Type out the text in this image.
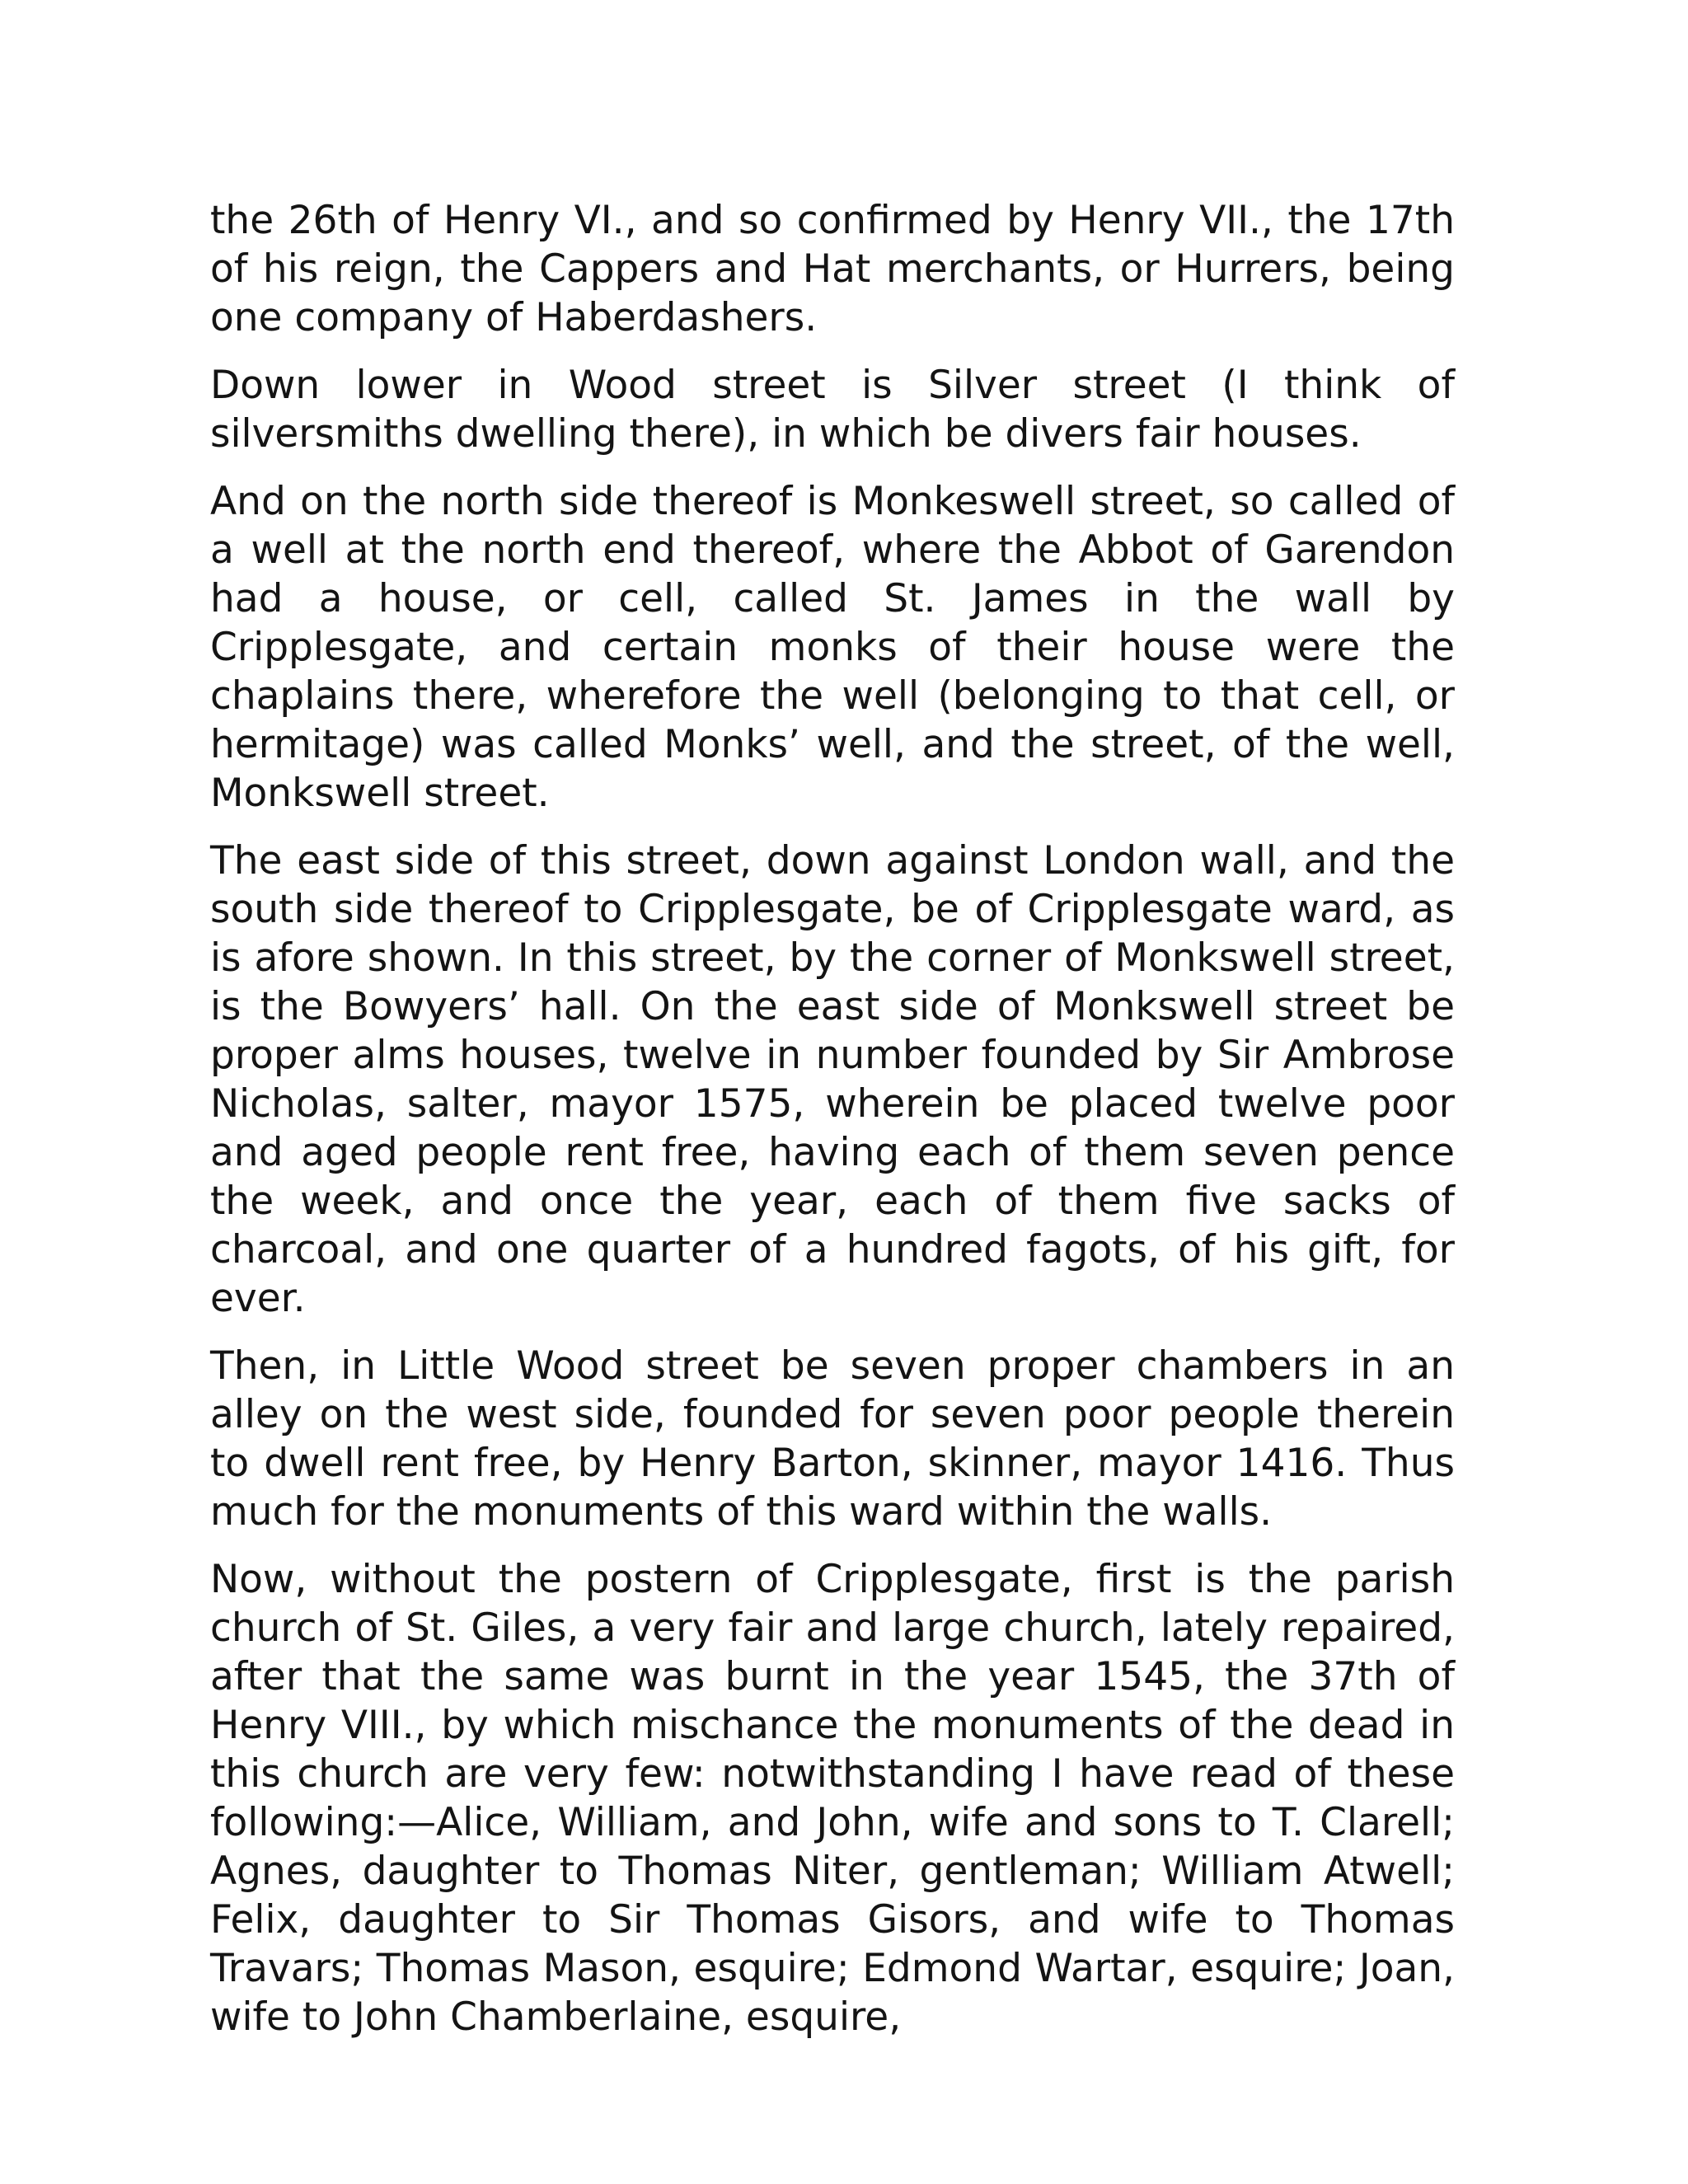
the 26th of Henry VI., and so confirmed by Henry VII., the 17th of his reign, the Cappers and Hat merchants, or Hurrers, being one company of Haberdashers.

Down lower in Wood street is Silver street (I think of silversmiths dwelling there), in which be divers fair houses.

And on the north side thereof is Monkeswell street, so called of a well at the north end thereof, where the Abbot of Garendon had a house, or cell, called St. James in the wall by Cripplesgate, and certain monks of their house were the chaplains there, wherefore the well (belonging to that cell, or hermitage) was called Monks’ well, and the street, of the well, Monkswell street.

The east side of this street, down against London wall, and the south side thereof to Cripplesgate, be of Cripplesgate ward, as is afore shown. In this street, by the corner of Monkswell street, is the Bowyers’ hall. On the east side of Monkswell street be proper alms houses, twelve in number founded by Sir Ambrose Nicholas, salter, mayor 1575, wherein be placed twelve poor and aged people rent free, having each of them seven pence the week, and once the year, each of them five sacks of charcoal, and one quarter of a hundred fagots, of his gift, for ever.

Then, in Little Wood street be seven proper chambers in an alley on the west side, founded for seven poor people therein to dwell rent free, by Henry Barton, skinner, mayor 1416. Thus much for the monuments of this ward within the walls.

Now, without the postern of Cripplesgate, first is the parish church of St. Giles, a very fair and large church, lately repaired, after that the same was burnt in the year 1545, the 37th of Henry VIII., by which mischance the monuments of the dead in this church are very few: notwithstanding I have read of these following:—Alice, William, and John, wife and sons to T. Clarell; Agnes, daughter to Thomas Niter, gentleman; William Atwell; Felix, daughter to Sir Thomas Gisors, and wife to Thomas Travars; Thomas Mason, esquire; Edmond Wartar, esquire; Joan, wife to John Chamberlaine, esquire,
